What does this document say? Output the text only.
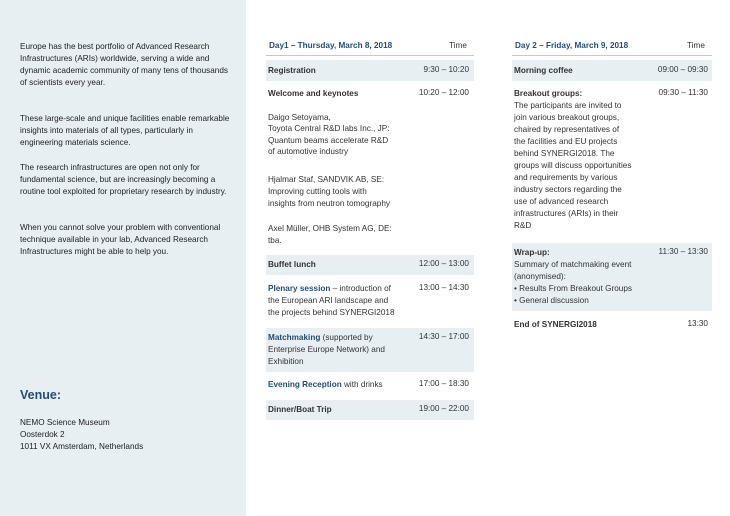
Europe has the best portfolio of Advanced Research Infrastructures (ARIs) worldwide, serving a wide and dynamic academic community of many tens of thousands of scientists every year.

These large-scale and unique facilities enable remarkable insights into materials of all types, particularly in engineering materials science.

The research infrastructures are open not only for fundamental science, but are increasingly becoming a routine tool exploited for proprietary research by industry.

When you cannot solve your problem with conventional technique available in your lab, Advanced Research Infrastructures might be able to help you.

Venue:

NEMO Science Museum
Oosterdok 2
1011 VX Amsterdam, Netherlands
Day1 – Thursday, March 8, 2018	Time
Registration	9:30 – 10:20
Welcome and keynotes	10:20 – 12:00
Daigo Setoyama,
Toyota Central R&D labs Inc., JP:
Quantum beams accelerate R&D
of automotive industry
Hjalmar Staf, SANDVIK AB, SE:
Improving cutting tools with
insights from neutron tomography
Axel Müller, OHB System AG, DE:
tba.
Buffet lunch	12:00 – 13:00
Plenary session – introduction of
the European ARI landscape and
the projects behind SYNERGI2018
13:00 – 14:30
Matchmaking (supported by
Enterprise Europe Network) and
Exhibition
14:30 – 17:00
Evening Reception with drinks	17:00 – 18:30
Dinner/Boat Trip	19:00 – 22:00
Day 2 – Friday, March 9, 2018	Time
Morning coffee	09:00 – 09:30
Breakout groups:	09:30 – 11:30
The participants are invited to
join various breakout groups,
chaired by representatives of
the facilities and EU projects
behind SYNERGI2018. The
groups will discuss opportunities
and requirements by various
industry sectors regarding the
use of advanced research
infrastructures (ARIs) in their
R&D
Wrap-up:	11:30 – 13:30
Summary of matchmaking event
(anonymised):
• Results From Breakout Groups
• General discussion
End of SYNERGI2018	13:30
